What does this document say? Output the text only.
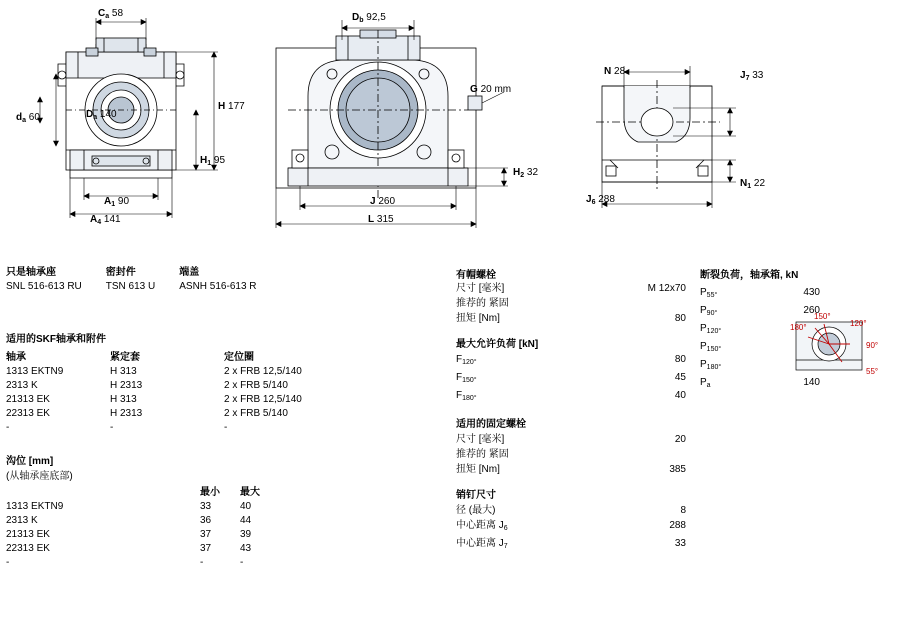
$C_a$ 58
$d_a$ 60	$D_a$ 140
H 177
$H_1$ 95
$A_1$ 90
$A_4$ 141
$D_b$ 92,5
G 20 mm
$H_2$ 32
J 260
L 315
N 28	$J_7$ 33
$N_1$ 22
$J_6$ 288
只是轴承座	密封件	端盖
SNL 516-613 RU	TSN 613 U	ASNH 516-613 R
适用的SKF轴承和附件
轴承	紧定套	定位圈
1313 EKTN9	H 313	2 x FRB 12,5/140
2313 K	H 2313	2 x FRB 5/140
21313 EK	H 313	2 x FRB 12,5/140
22313 EK	H 2313	2 x FRB 5/140
-	-	-
沟位 [mm]
(从轴承座底部)
	最小	最大
1313 EKTN9	33	40
2313 K	36	44
21313 EK	37	39
22313 EK	37	43
-	-	-
有帽螺栓
尺寸 [毫米]	M 12x70
推荐的 紧固
扭矩 [Nm]	80
最大允许负荷 [kN]
$F_{120^\circ}$	80
$F_{150^\circ}$	45
$F_{180^\circ}$	40
适用的固定螺栓
尺寸 [毫米]	20
推荐的 紧固
扭矩 [Nm]	385
销钉尺寸
径 (最大)	8
中心距离 $J_6$	288
中心距离 $J_7$	33
断裂负荷，轴承箱, kN
$P_{55^\circ}$	430
$P_{90^\circ}$	260
$P_{120^\circ}$
$P_{150^\circ}$
$P_{180^\circ}$
$P_a$	140
180°
150°
120°
90°
55°
